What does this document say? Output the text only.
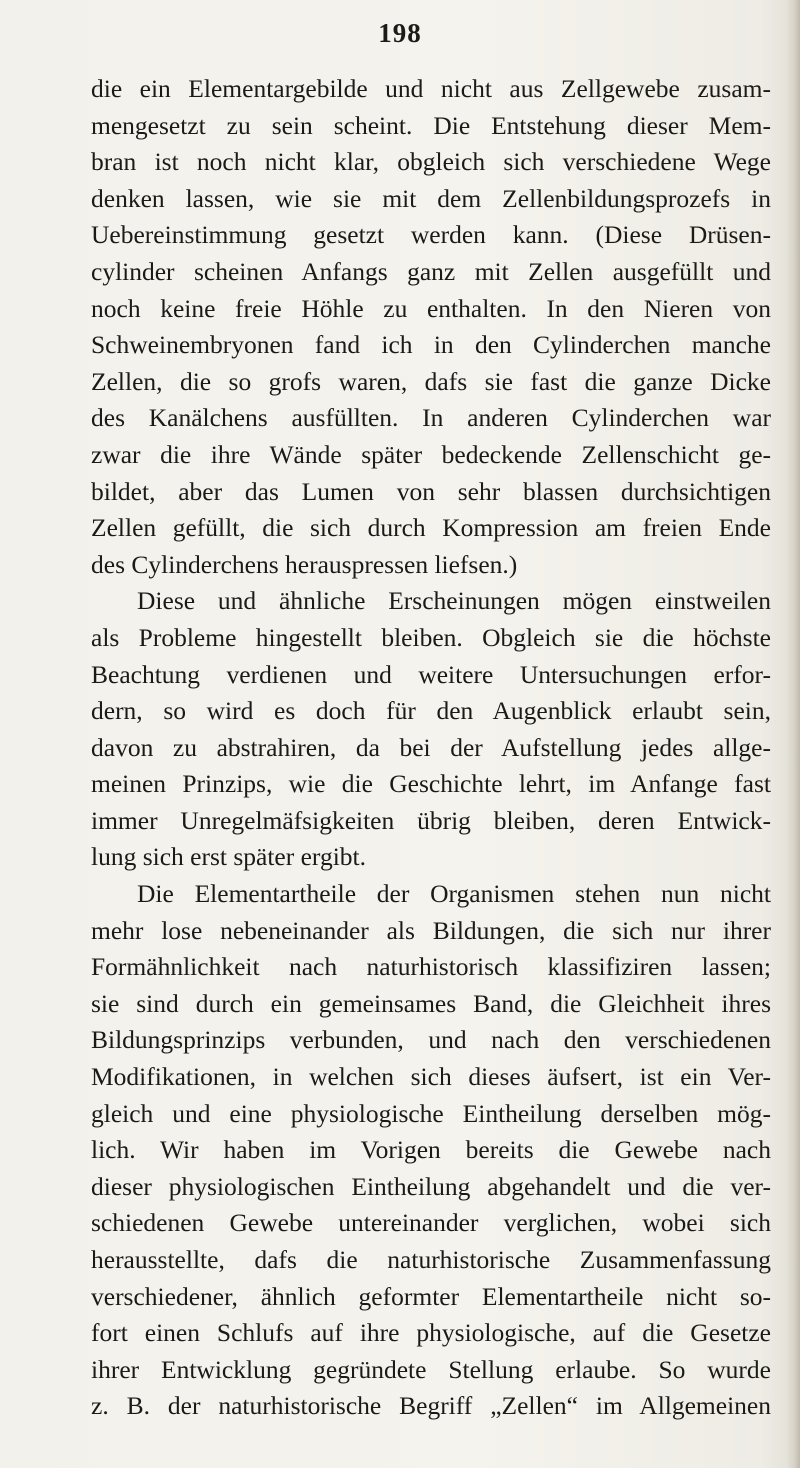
198
die ein Elementargebilde und nicht aus Zellgewebe zusam-
mengesetzt zu sein scheint. Die Entstehung dieser Mem-
bran ist noch nicht klar, obgleich sich verschiedene Wege
denken lassen, wie sie mit dem Zellenbildungsprozefs in
Uebereinstimmung gesetzt werden kann. (Diese Drüsen-
cylinder scheinen Anfangs ganz mit Zellen ausgefüllt und
noch keine freie Höhle zu enthalten. In den Nieren von
Schweinembryonen fand ich in den Cylinderchen manche
Zellen, die so grofs waren, dafs sie fast die ganze Dicke
des Kanälchens ausfüllten. In anderen Cylinderchen war
zwar die ihre Wände später bedeckende Zellenschicht ge-
bildet, aber das Lumen von sehr blassen durchsichtigen
Zellen gefüllt, die sich durch Kompression am freien Ende
des Cylinderchens herauspressen liefsen.)
Diese und ähnliche Erscheinungen mögen einstweilen
als Probleme hingestellt bleiben. Obgleich sie die höchste
Beachtung verdienen und weitere Untersuchungen erfor-
dern, so wird es doch für den Augenblick erlaubt sein,
davon zu abstrahiren, da bei der Aufstellung jedes allge-
meinen Prinzips, wie die Geschichte lehrt, im Anfange fast
immer Unregelmäfsigkeiten übrig bleiben, deren Entwick-
lung sich erst später ergibt.
Die Elementartheile der Organismen stehen nun nicht
mehr lose nebeneinander als Bildungen, die sich nur ihrer
Formähnlichkeit nach naturhistorisch klassifiziren lassen;
sie sind durch ein gemeinsames Band, die Gleichheit ihres
Bildungsprinzips verbunden, und nach den verschiedenen
Modifikationen, in welchen sich dieses äufsert, ist ein Ver-
gleich und eine physiologische Eintheilung derselben mög-
lich. Wir haben im Vorigen bereits die Gewebe nach
dieser physiologischen Eintheilung abgehandelt und die ver-
schiedenen Gewebe untereinander verglichen, wobei sich
herausstellte, dafs die naturhistorische Zusammenfassung
verschiedener, ähnlich geformter Elementartheile nicht so-
fort einen Schlufs auf ihre physiologische, auf die Gesetze
ihrer Entwicklung gegründete Stellung erlaube. So wurde
z. B. der naturhistorische Begriff „Zellen“ im Allgemeinen
